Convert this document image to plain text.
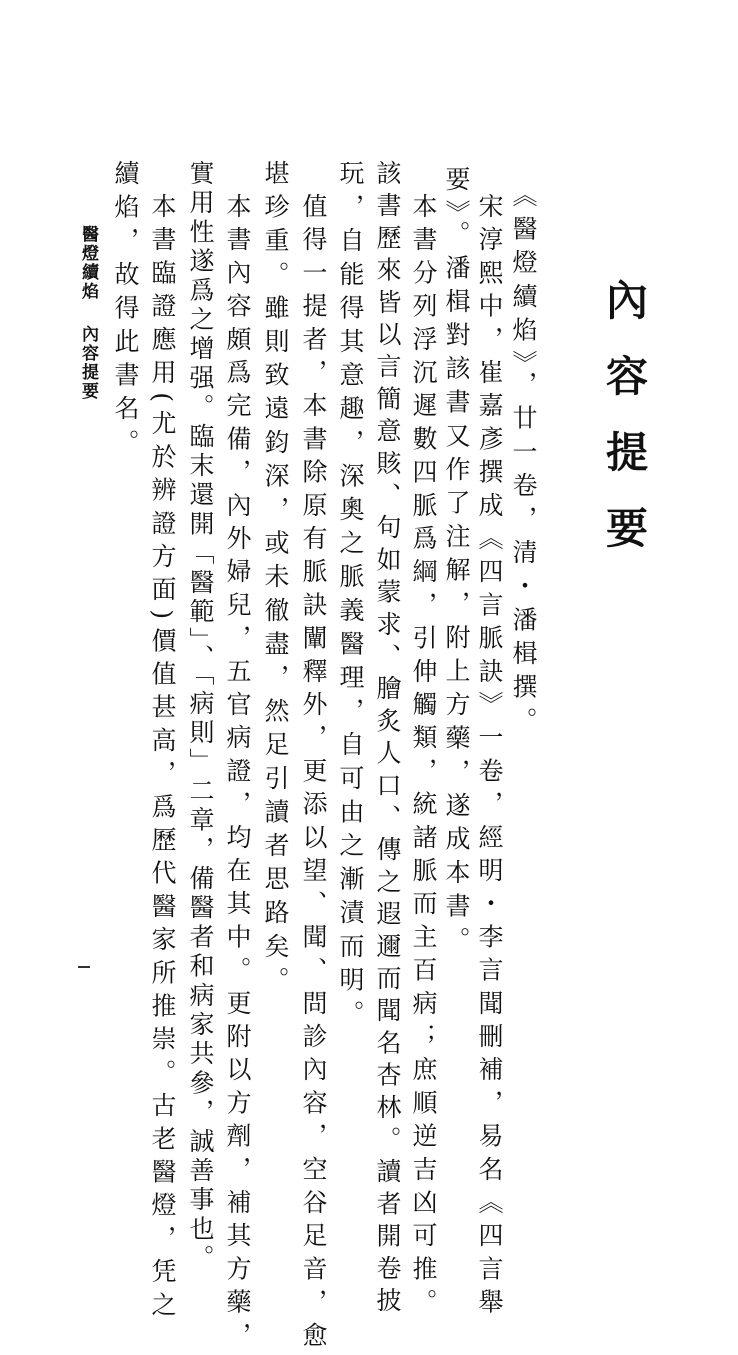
內容提要
《醫燈續焰》，廿一卷，清・潘楫撰。
宋淳熙中，崔嘉彥撰成《四言脈訣》一卷，經明・李言聞刪補，易名《四言舉
要》。潘楫對該書又作了注解，附上方藥，遂成本書。
本書分列浮沉遲數四脈爲綱，引伸觸類，統諸脈而主百病；庶順逆吉凶可推。
該書歷來皆以言簡意賅、句如蒙求、膾炙人口、傳之遐邇而聞名杏林。讀者開卷披
玩，自能得其意趣，深奧之脈義醫理，自可由之漸漬而明。
值得一提者，本書除原有脈訣闡釋外，更添以望、聞、問診內容，空谷足音，愈
堪珍重。雖則致遠鈞深，或未徹盡，然足引讀者思路矣。
本書內容頗爲完備，內外婦兒，五官病證，均在其中。更附以方劑，補其方藥，
實用性遂爲之增强。臨末還開「醫範」、「病則」二章，備醫者和病家共參，誠善事也。
本書臨證應用(尤於辨證方面)價值甚高，爲歷代醫家所推崇。古老醫燈，凭之
續焰，故得此書名。
醫燈續焰 內容提要
